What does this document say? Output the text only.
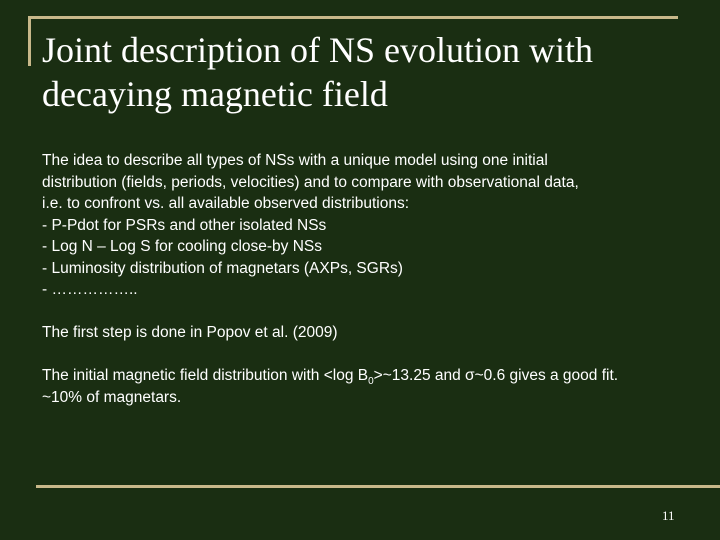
Joint description of NS evolution with
decaying magnetic field
The idea to describe all types of NSs with a unique model using one initial
distribution (fields, periods, velocities) and to compare with observational data,
i.e. to confront vs. all available observed distributions:
- P-Pdot for PSRs and other isolated NSs
- Log N – Log S for cooling close-by NSs
- Luminosity distribution of magnetars (AXPs, SGRs)
- ……………..
The first step is done in Popov et al. (2009)
The initial magnetic field distribution with <log $B_0>\sim 13.25$ and σ~0.6 gives a good fit.
~10% of magnetars.
11
